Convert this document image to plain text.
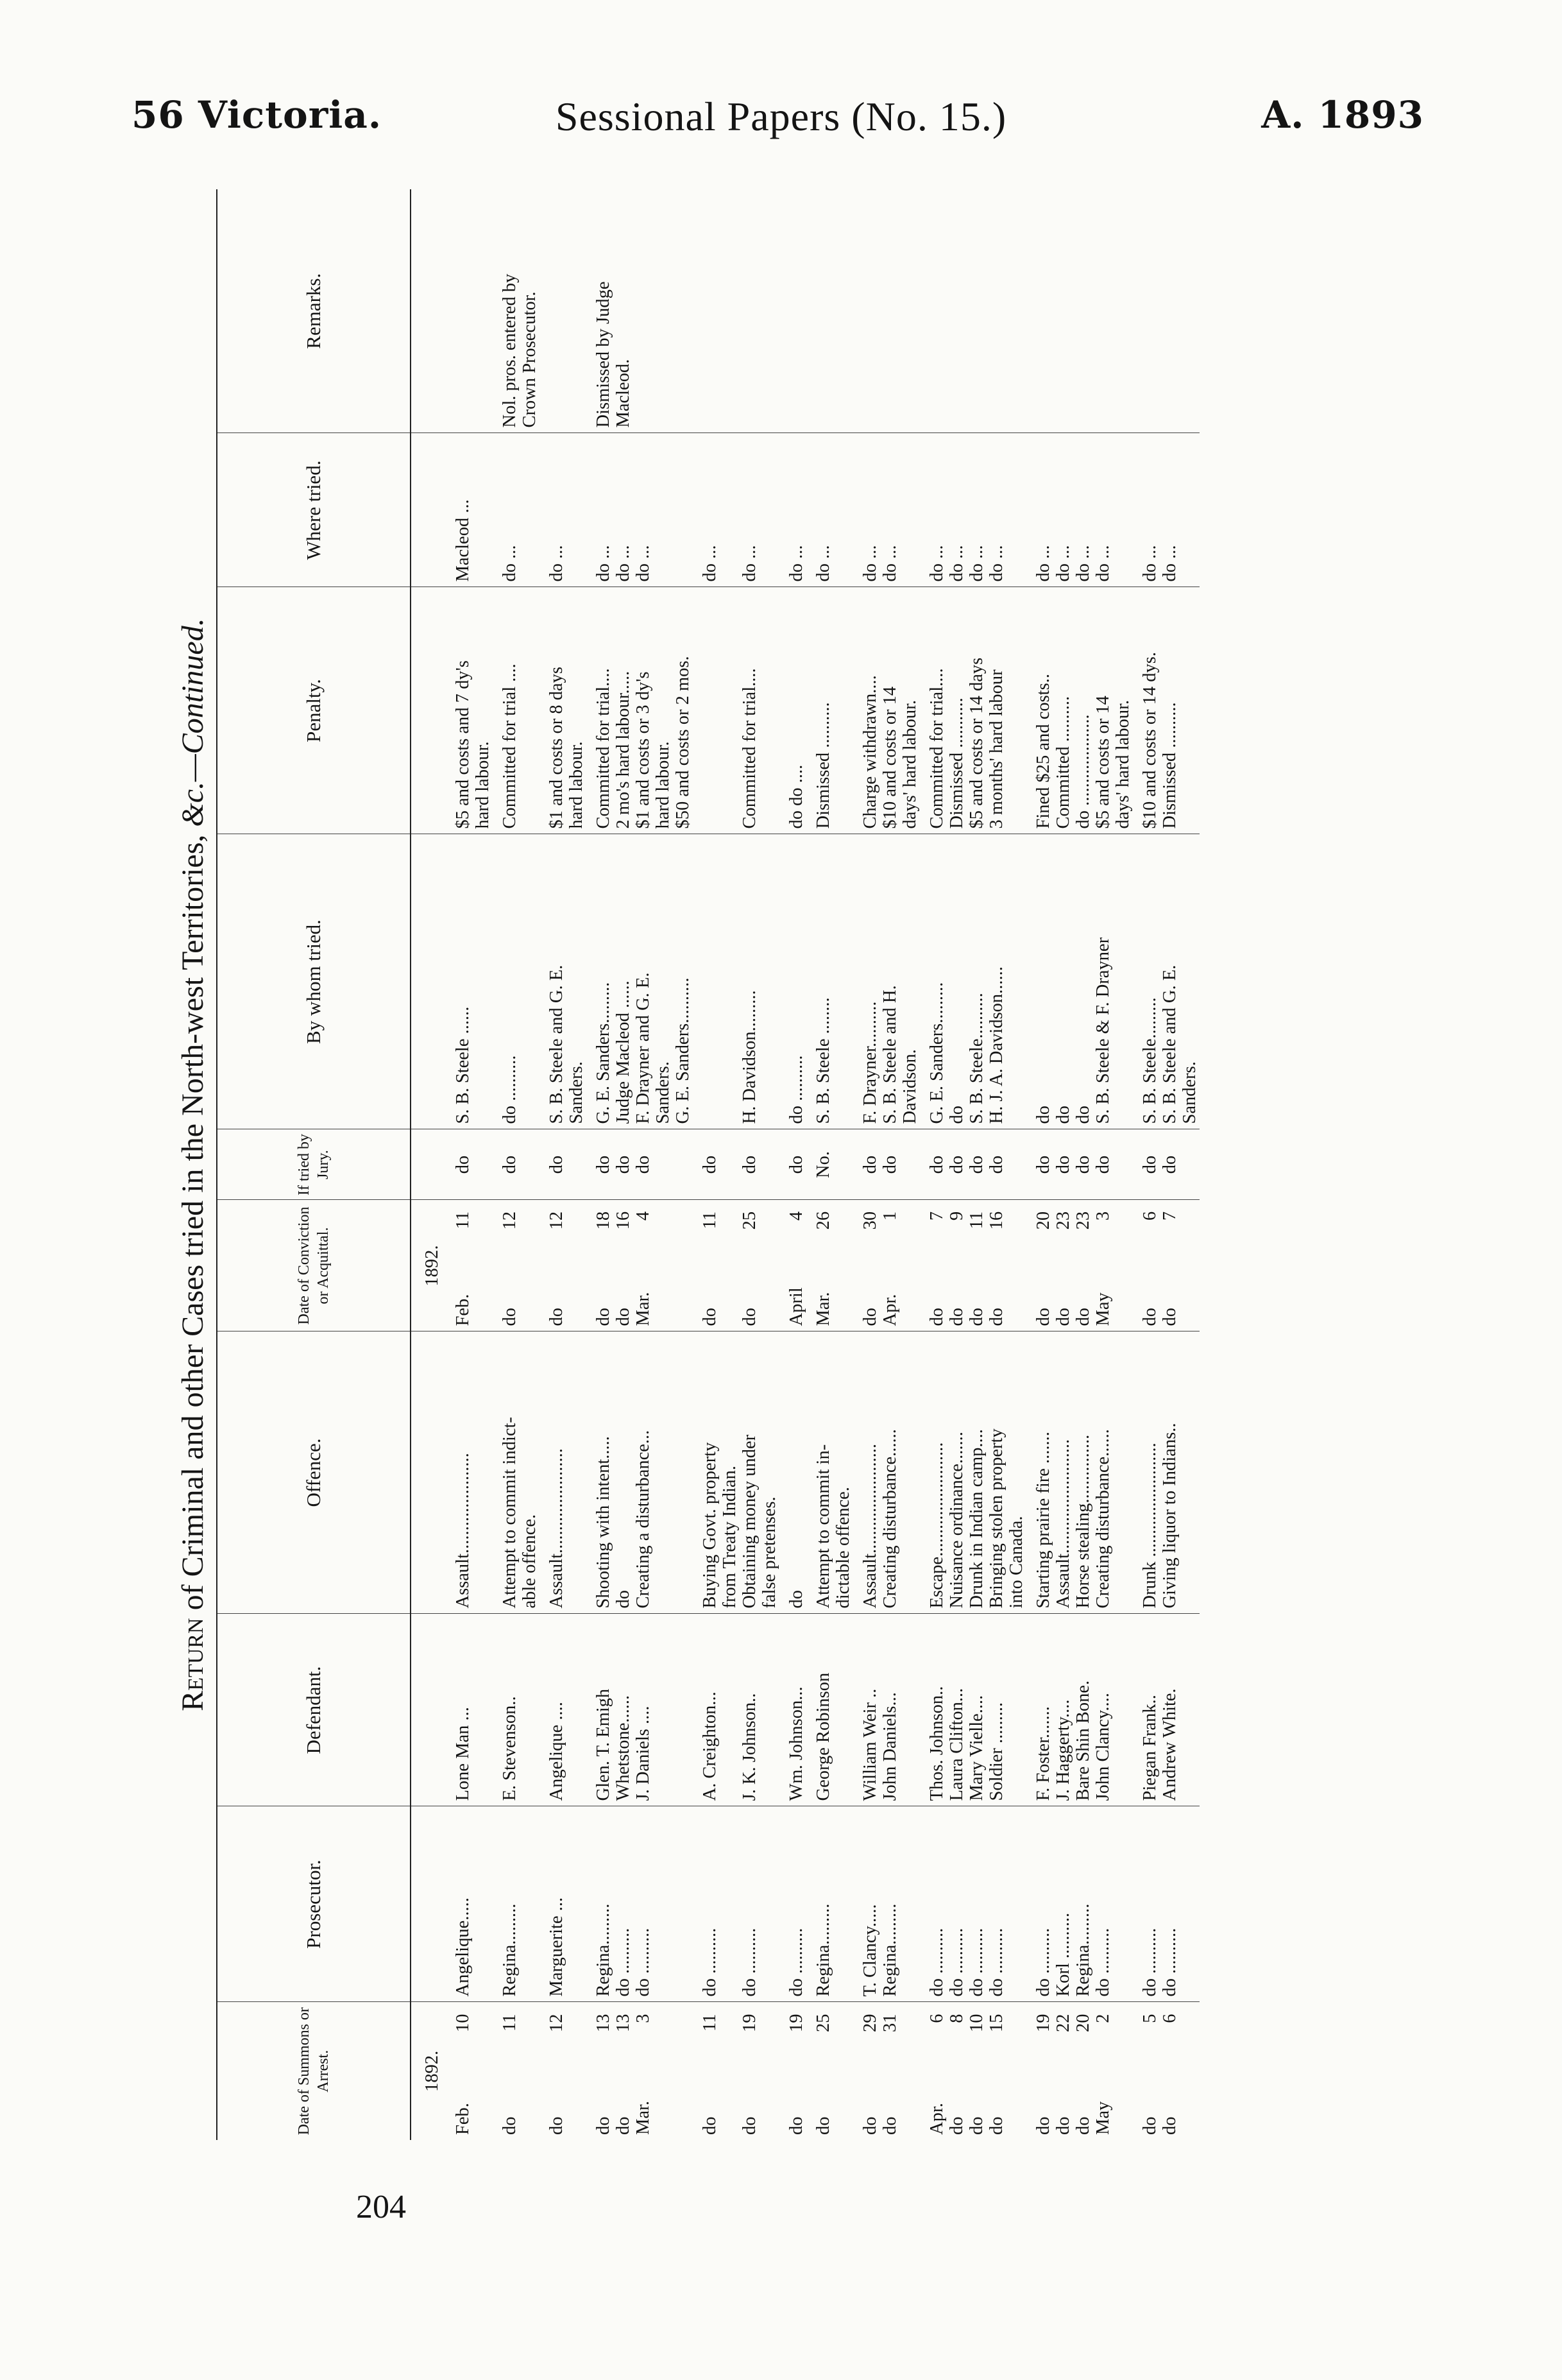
56 Victoria.	Sessional Papers (No. 15.)	A. 1893
Return of Criminal and other Cases tried in the North-west Territories, &c.—Continued.
Date of Summons or Arrest.	Prosecutor.	Defendant.	Offence.	Date of Conviction or Acquittal.	If tried by Jury.	By whom tried.	Penalty.	Where tried.	Remarks.
1892.				1892.					
Feb.10	Angelique.....	Lone Man ...	Assault......................	Feb.11	do	S. B. Steele ......	$5 and costs and 7 dy's	Macleod ...	
							hard labour.		
do11	Regina.........	E. Stevenson..	Attempt to commit indict-	do12	do	do ..........	Committed for trial ....	do ...	Nol. pros. entered by
			able offence.						Crown Prosecutor.
do12	Marguerite ...	Angelique ....	Assault.......................	do12	do	S. B. Steele and G. E.	$1 and costs or 8 days	do ...	
						Sanders.	hard labour.		
do13	Regina.........	Glen. T. Emigh	Shooting with intent.....	do18	do	G. E. Sanders.........	Committed for trial....	do ...	Dismissed by Judge
do13	do ..........	Whetstone......	do	do16	do	Judge Macleod ......	2 mo's hard labour.....	do ...	Macleod.
Mar.3	do ..........	J. Daniels ....	Creating a disturbance...	Mar.4	do	F. Drayner and G. E.	$1 and costs or 3 dy's	do ...	
						Sanders.	hard labour.		
						G. E. Sanders..........	$50 and costs or 2 mos.		
do11	do ..........	A. Creighton...	Buying Govt. property	do11	do			do ...	
			from Treaty Indian.						
do19	do ..........	J. K. Johnson..	Obtaining money under	do25	do	H. Davidson.........	Committed for trial....	do ...	
			false pretenses.						
do19	do ..........	Wm. Johnson...	do	April4	do	do ..........	do do ....	do ...	
do25	Regina.........	George Robinson	Attempt to commit in-	Mar.26	No.	S. B. Steele ........	Dismissed ..........	do ...	
			dictable offence.						
do29	T. Clancy.....	William Weir ..	Assault........................	do30	do	F. Drayner..........	Charge withdrawn....	do ...	
do31	Regina.........	John Daniels...	Creating disturbance......	Apr.1	do	S. B. Steele and H.	$10 and costs or 14	do ...	
						Davidson.	days' hard labour.		
Apr.6	do ..........	Thos. Johnson..	Escape.........................	do7	do	G. E. Sanders.........	Committed for trial....	do ...	
do8	do ..........	Laura Clifton...	Nuisance ordinance.......	do9	do	do	Dismissed ...........	do ...	
do10	do ..........	Mary Vielle....	Drunk in Indian camp....	do11	do	S. B. Steele..........	$5 and costs or 14 days	do ...	
do15	do ..........	Soldier .........	Bringing stolen property	do16	do	H. J. A. Davidson......	3 months' hard labour	do ...	
			into Canada.						
do19	do ..........	F. Foster.......	Starting prairie fire .......	do20	do	do	Fined $25 and costs..	do ...	
do22	Korl ..........	J. Haggerty....	Assault.........................	do23	do	do	Committed ..........	do ...	
do20	Regina.........	Bare Shin Bone.	Horse stealing...............	do23	do	do	do ....................	do ...	
May2	do ..........	John Clancy....	Creating disturbance......	May3	do	S. B. Steele & F. Drayner	$5 and costs or 14	do ...	
							days' hard labour.		
do5	do ..........	Piegan Frank..	Drunk .........................	do6	do	S. B. Steele.........	$10 and costs or 14 dys.	do ...	
do6	do ..........	Andrew White.	Giving liquor to Indians..	do7	do	S. B. Steele and G. E.	Dismissed ..........	do ...	
						Sanders.			
204
